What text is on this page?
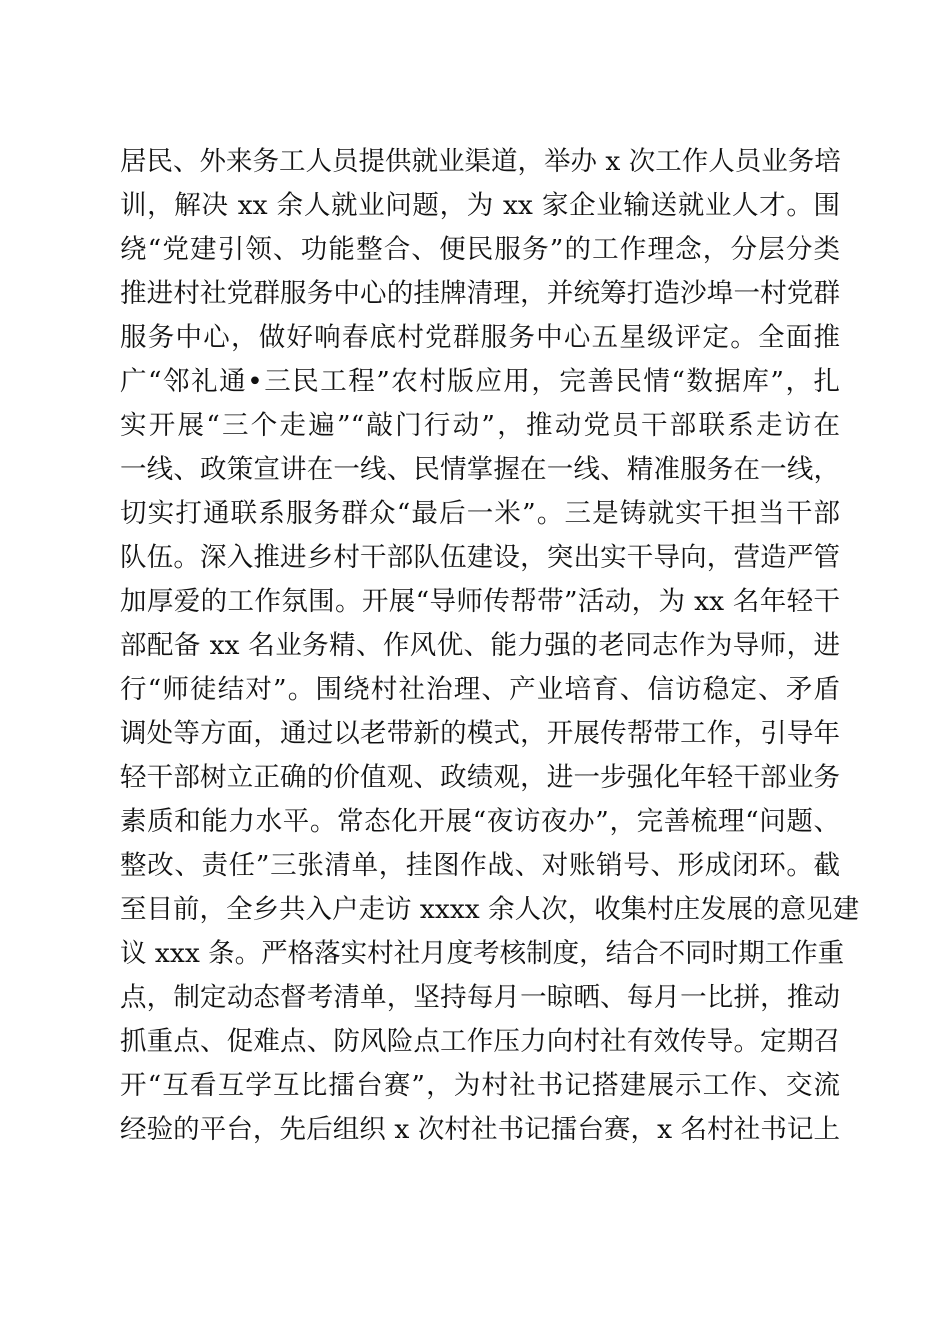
居民、外来务工人员提供就业渠道，举办 x 次工作人员业务培
训，解决 xx 余人就业问题，为 xx 家企业输送就业人才。围
绕“党建引领、功能整合、便民服务”的工作理念，分层分类
推进村社党群服务中心的挂牌清理，并统筹打造沙埠一村党群
服务中心，做好响春底村党群服务中心五星级评定。全面推
广“邻礼通•三民工程”农村版应用，完善民情“数据库”，扎
实开展“三个走遍”“敲门行动”，推动党员干部联系走访在
一线、政策宣讲在一线、民情掌握在一线、精准服务在一线，
切实打通联系服务群众“最后一米”。三是铸就实干担当干部
队伍。深入推进乡村干部队伍建设，突出实干导向，营造严管
加厚爱的工作氛围。开展“导师传帮带”活动，为 xx 名年轻干
部配备 xx 名业务精、作风优、能力强的老同志作为导师，进
行“师徒结对”。围绕村社治理、产业培育、信访稳定、矛盾
调处等方面，通过以老带新的模式，开展传帮带工作，引导年
轻干部树立正确的价值观、政绩观，进一步强化年轻干部业务
素质和能力水平。常态化开展“夜访夜办”，完善梳理“问题、
整改、责任”三张清单，挂图作战、对账销号、形成闭环。截
至目前，全乡共入户走访 xxxx 余人次，收集村庄发展的意见建
议 xxx 条。严格落实村社月度考核制度，结合不同时期工作重
点，制定动态督考清单，坚持每月一晾晒、每月一比拼，推动
抓重点、促难点、防风险点工作压力向村社有效传导。定期召
开“互看互学互比擂台赛”，为村社书记搭建展示工作、交流
经验的平台，先后组织 x 次村社书记擂台赛，x 名村社书记上
